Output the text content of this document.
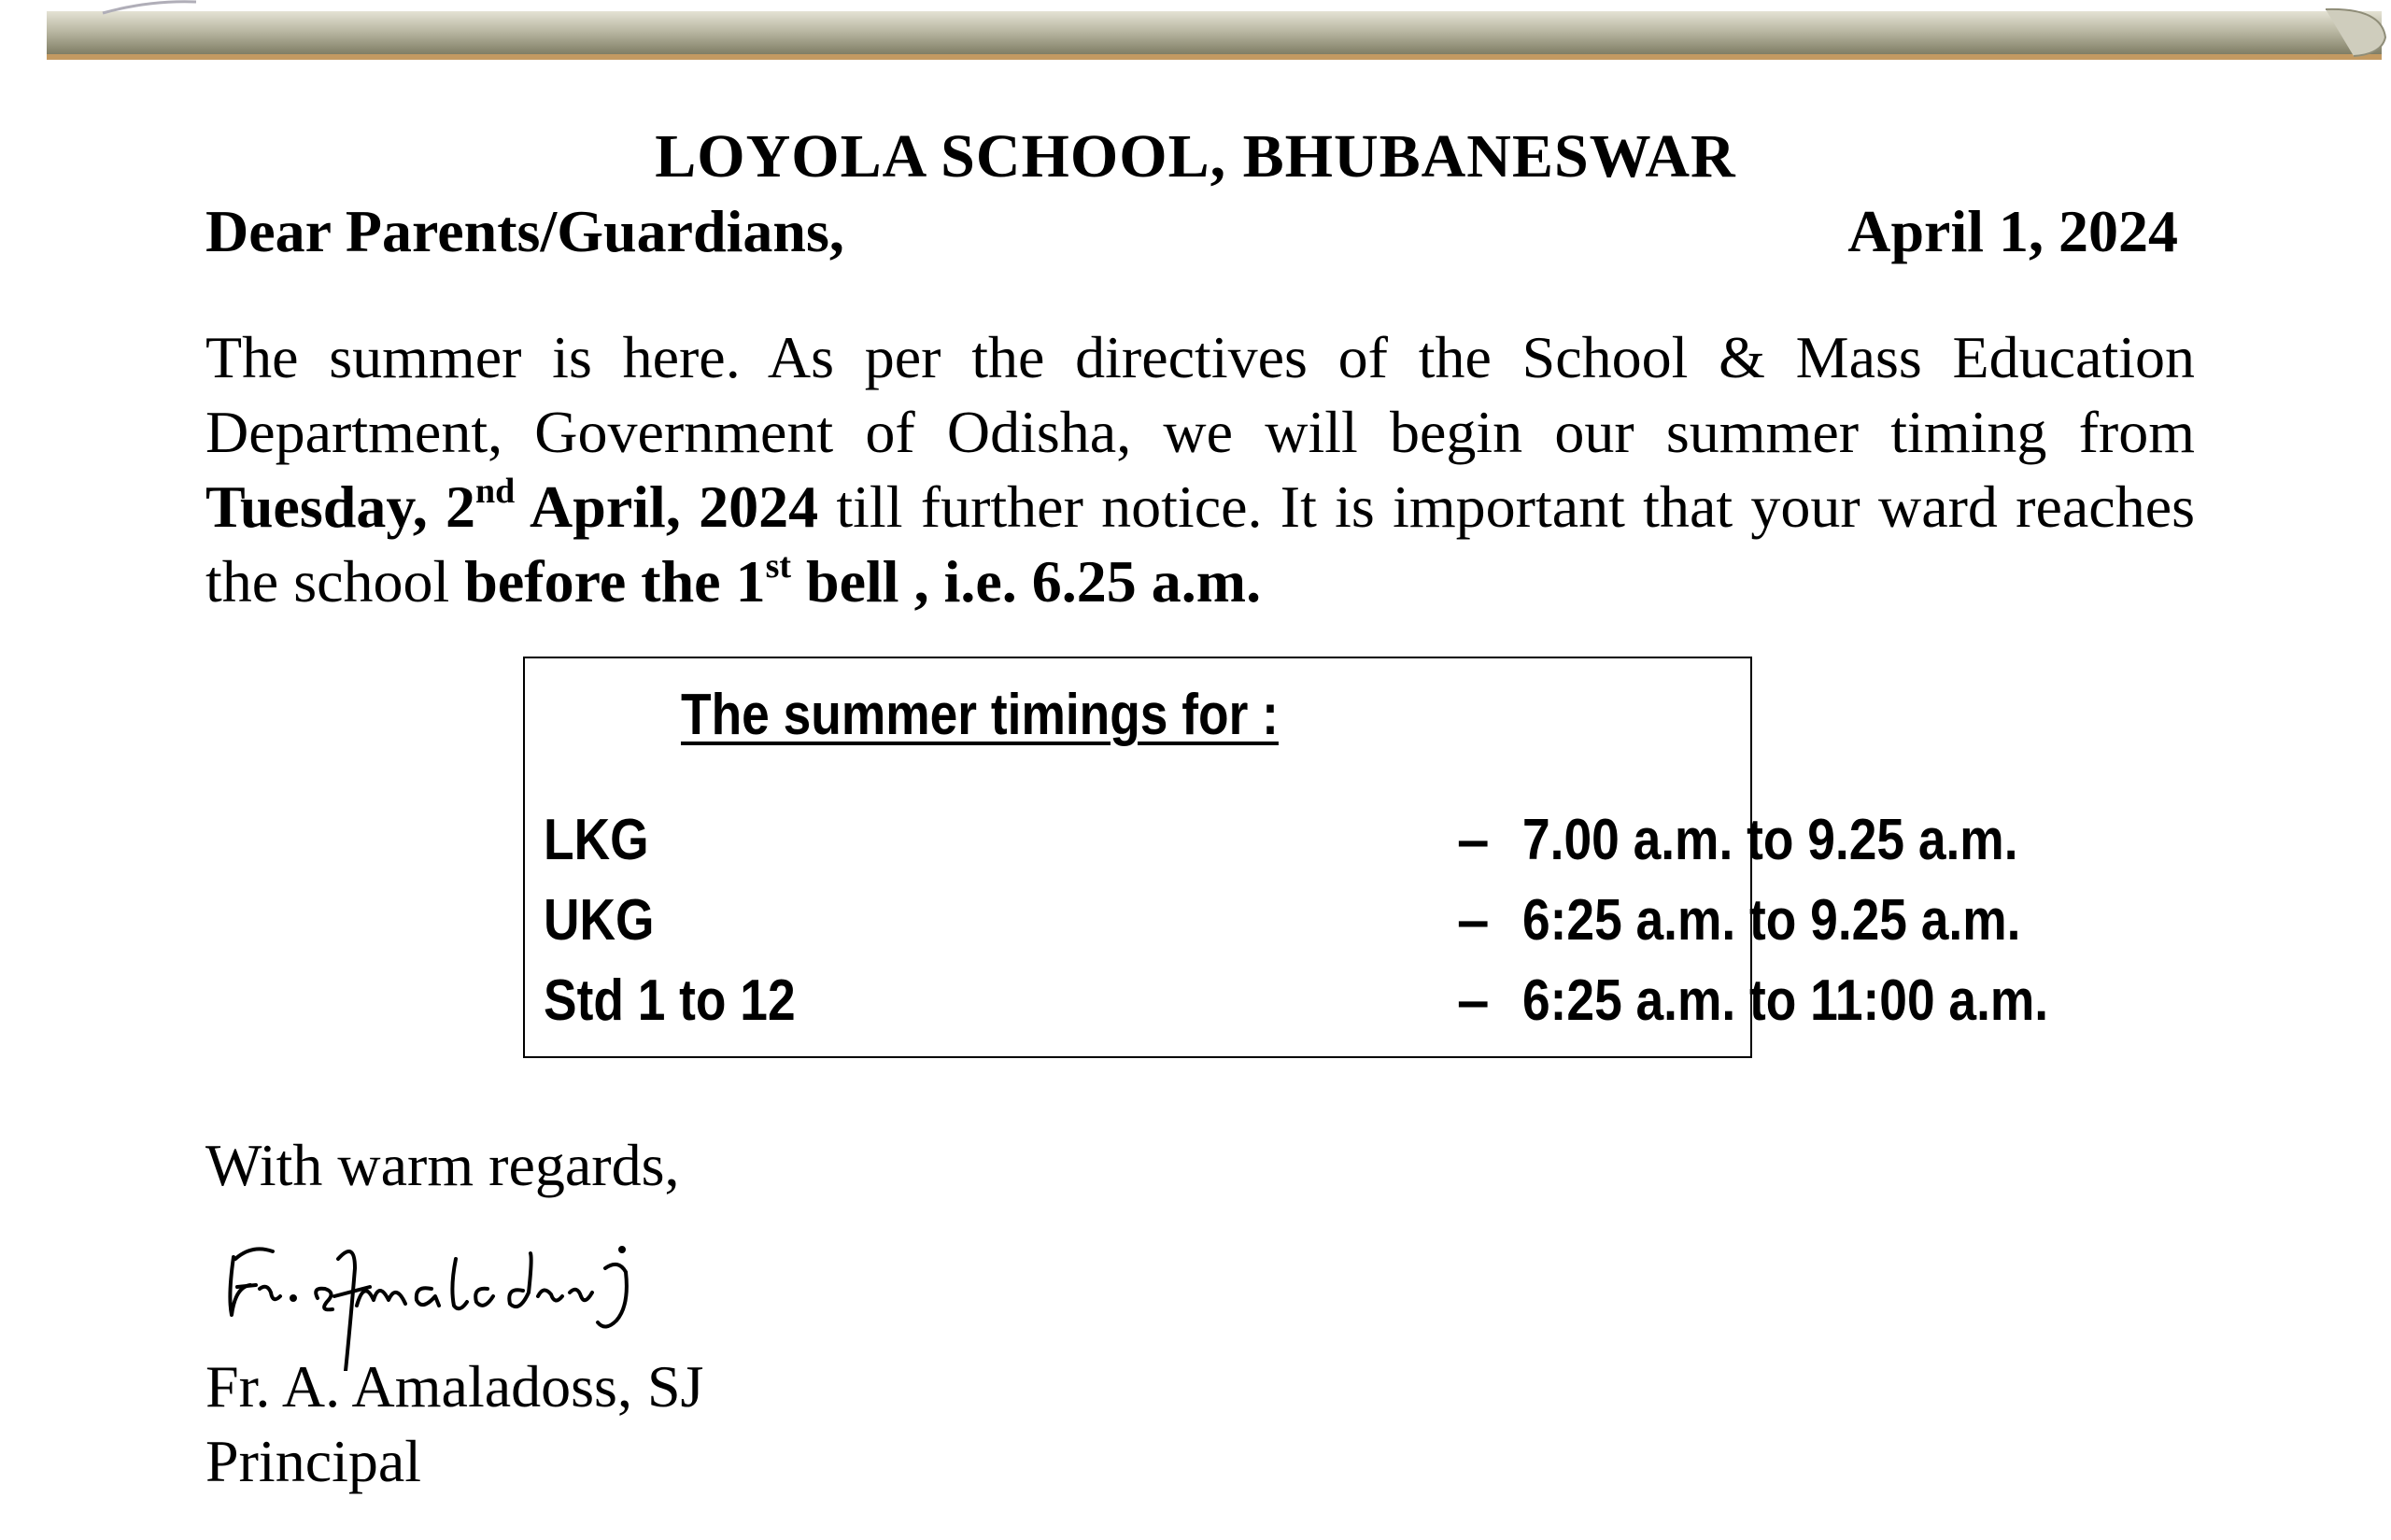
LOYOLA SCHOOL, BHUBANESWAR
Dear Parents/Guardians,	April 1, 2024
The summer is here. As per the directives of the School & Mass Education Department, Government of Odisha, we will begin our summer timing from Tuesday, 2nd April, 2024 till further notice. It is important that your ward reaches the school before the 1st bell , i.e. 6.25 a.m.
The summer timings for :
LKG	– 7.00 a.m. to 9.25 a.m.
UKG	– 6:25 a.m. to 9.25 a.m.
Std 1 to 12	– 6:25 a.m. to 11:00 a.m.
With warm regards,
Fr. A. Amaladoss, SJ
Principal
